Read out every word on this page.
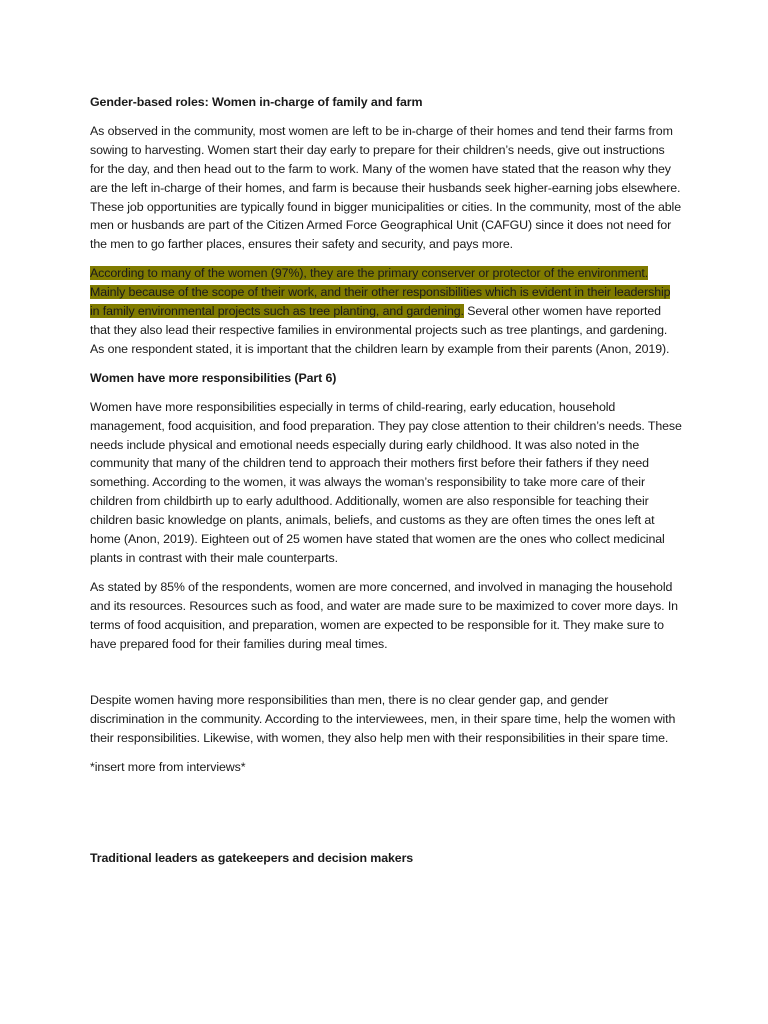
Gender-based roles: Women in-charge of family and farm

As observed in the community, most women are left to be in-charge of their homes and tend their farms from sowing to harvesting. Women start their day early to prepare for their children’s needs, give out instructions for the day, and then head out to the farm to work. Many of the women have stated that the reason why they are the left in-charge of their homes, and farm is because their husbands seek higher-earning jobs elsewhere. These job opportunities are typically found in bigger municipalities or cities. In the community, most of the able men or husbands are part of the Citizen Armed Force Geographical Unit (CAFGU) since it does not need for the men to go farther places, ensures their safety and security, and pays more.

According to many of the women (97%), they are the primary conserver or protector of the environment. Mainly because of the scope of their work, and their other responsibilities which is evident in their leadership in family environmental projects such as tree planting, and gardening. Several other women have reported that they also lead their respective families in environmental projects such as tree plantings, and gardening. As one respondent stated, it is important that the children learn by example from their parents (Anon, 2019).

Women have more responsibilities (Part 6)

Women have more responsibilities especially in terms of child-rearing, early education, household management, food acquisition, and food preparation. They pay close attention to their children’s needs. These needs include physical and emotional needs especially during early childhood. It was also noted in the community that many of the children tend to approach their mothers first before their fathers if they need something. According to the women, it was always the woman’s responsibility to take more care of their children from childbirth up to early adulthood. Additionally, women are also responsible for teaching their children basic knowledge on plants, animals, beliefs, and customs as they are often times the ones left at home (Anon, 2019). Eighteen out of 25 women have stated that women are the ones who collect medicinal plants in contrast with their male counterparts.

As stated by 85% of the respondents, women are more concerned, and involved in managing the household and its resources. Resources such as food, and water are made sure to be maximized to cover more days. In terms of food acquisition, and preparation, women are expected to be responsible for it. They make sure to have prepared food for their families during meal times.

Despite women having more responsibilities than men, there is no clear gender gap, and gender discrimination in the community. According to the interviewees, men, in their spare time, help the women with their responsibilities. Likewise, with women, they also help men with their responsibilities in their spare time.

*insert more from interviews*

Traditional leaders as gatekeepers and decision makers
